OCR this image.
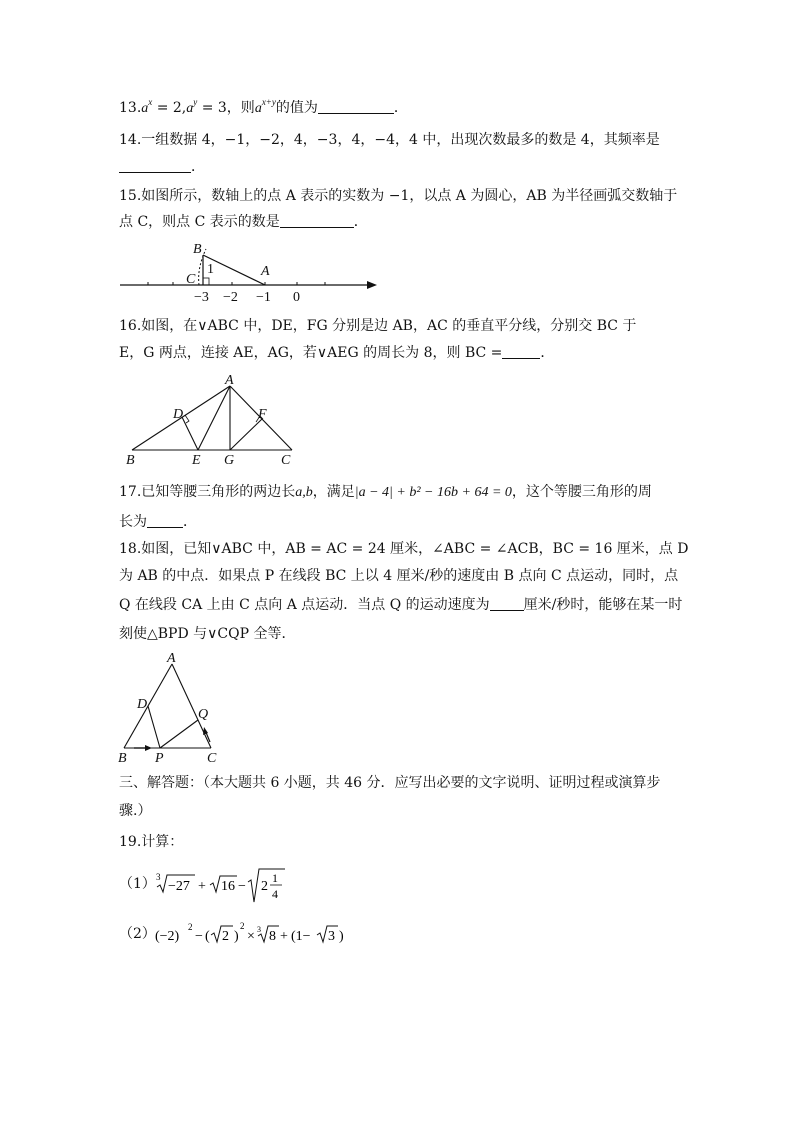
$13.a^x = 2,a^y = 3$，则$a^{x+y}$的值为	．
14.一组数据 4，−1，−2，4，−3，4，−4，4 中，出现次数最多的数是 4，其频率是
．
15.如图所示，数轴上的点 A 表示的实数为 −1，以点 A 为圆心，AB 为半径画弧交数轴于
点 C，则点 C 表示的数是	．
B
C
A
1
−3 −2 −1 0
16.如图，在∨ABC 中，DE，FG 分别是边 AB，AC 的垂直平分线，分别交 BC 于
E，G 两点，连接 AE，AG，若∨AEG 的周长为 8，则 BC =	．
A
B	C
D
E
F
G
17.已知等腰三角形的两边长a,b，满足|a − 4| + b² − 16b + 64 = 0，这个等腰三角形的周
长为	．
18.如图，已知∨ABC 中，AB = AC = 24 厘米，∠ABC = ∠ACB，BC = 16 厘米，点 D
为 AB 的中点．如果点 P 在线段 BC 上以 4 厘米/秒的速度由 B 点向 C 点运动，同时，点
Q 在线段 CA 上由 C 点向 A 点运动．当点 Q 的运动速度为 厘米/秒时，能够在某一时
刻使△BPD 与∨CQP 全等．
A
B	C
D
P
Q
三、解答题：（本大题共 6 小题，共 46 分．应写出必要的文字说明、证明过程或演算步
骤.）
19.计算：
（1） 3
−27 + 16 − 2
1
4
（2） (−2)
2
− ( 2 )
2
× 3 8 + (1− 3 )
